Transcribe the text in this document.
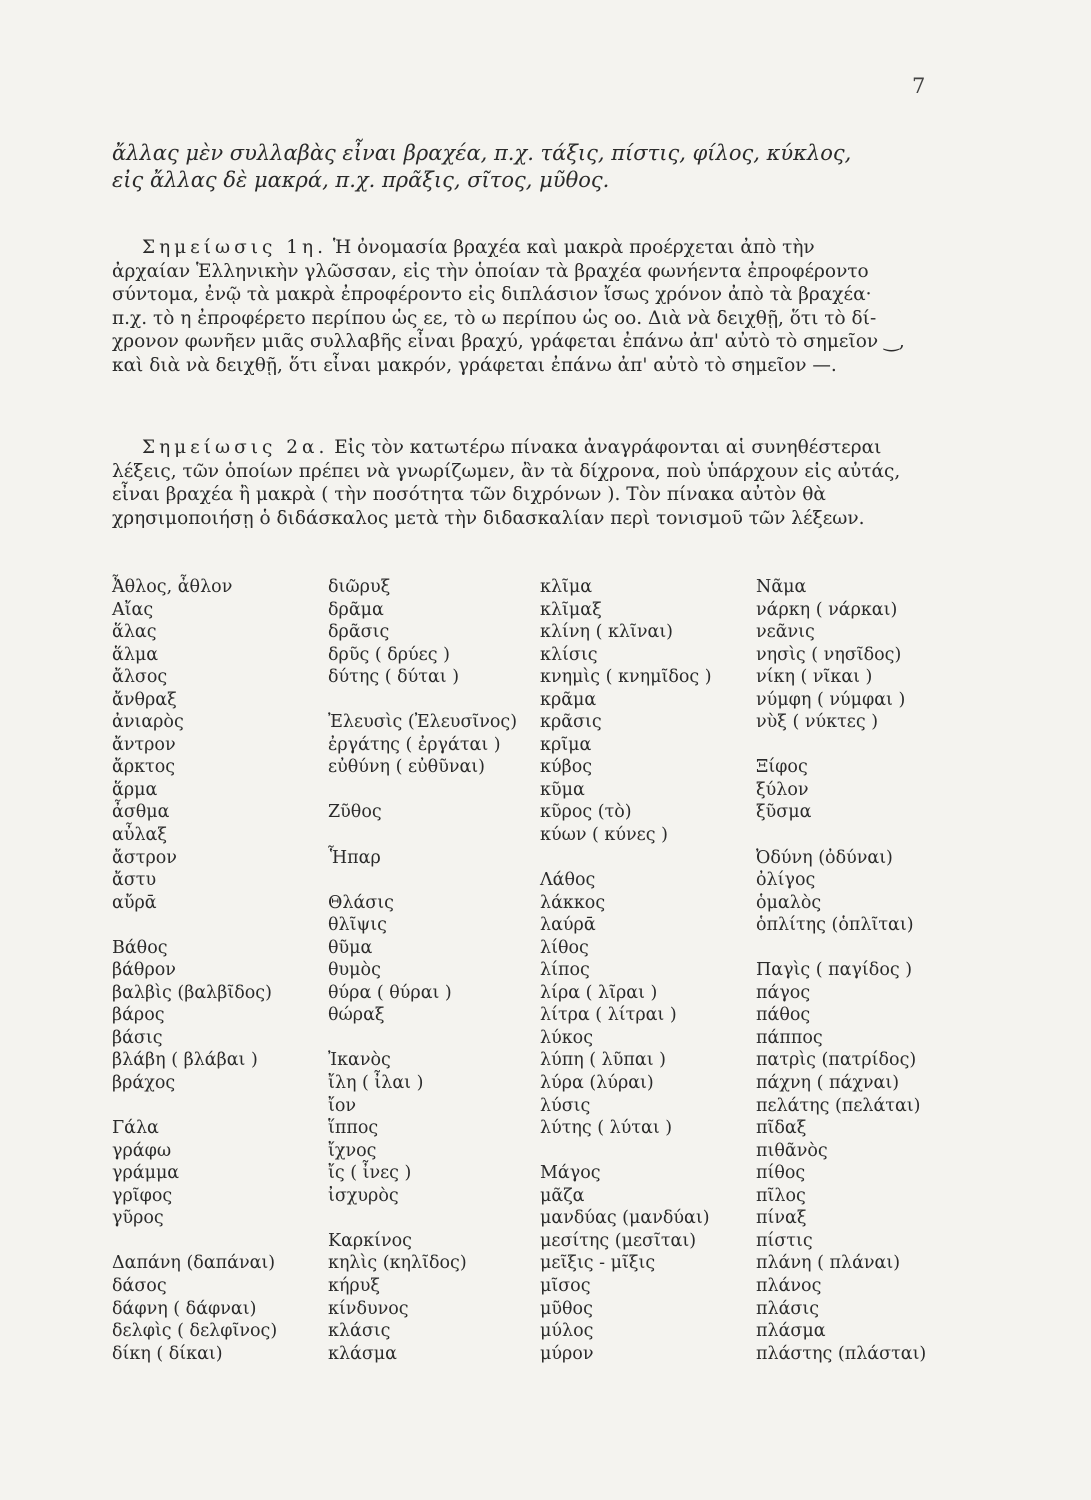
7
ἄλλας μὲν συλλαβὰς εἶναι βραχέα, π.χ. τάξις, πίστις, φίλος, κύκλος,
εἰς ἄλλας δὲ μακρά, π.χ. πρᾶξις, σῖτος, μῦθος.
Σημείωσις 1η. Ἡ ὀνομασία βραχέα καὶ μακρὰ προέρχεται ἀπὸ τὴν
ἀρχαίαν Ἑλληνικὴν γλῶσσαν, εἰς τὴν ὁποίαν τὰ βραχέα φωνήεντα ἐπροφέροντο
σύντομα, ἐνῷ τὰ μακρὰ ἐπροφέροντο εἰς διπλάσιον ἴσως χρόνον ἀπὸ τὰ βραχέα·
π.χ. τὸ η ἐπροφέρετο περίπου ὡς εε, τὸ ω περίπου ὡς οο. Διὰ νὰ δειχθῇ, ὅτι τὸ δί-
χρονον φωνῆεν μιᾶς συλλαβῆς εἶναι βραχύ, γράφεται ἐπάνω ἀπ' αὐτὸ τὸ σημεῖον ‿,
καὶ διὰ νὰ δειχθῇ, ὅτι εἶναι μακρόν, γράφεται ἐπάνω ἀπ' αὐτὸ τὸ σημεῖον —.
Σημείωσις 2α. Εἰς τὸν κατωτέρω πίνακα ἀναγράφονται αἱ συνηθέστεραι
λέξεις, τῶν ὁποίων πρέπει νὰ γνωρίζωμεν, ἂν τὰ δίχρονα, ποὺ ὑπάρχουν εἰς αὐτάς,
εἶναι βραχέα ἢ μακρὰ ( τὴν ποσότητα τῶν διχρόνων ). Τὸν πίνακα αὐτὸν θὰ
χρησιμοποιήσῃ ὁ διδάσκαλος μετὰ τὴν διδασκαλίαν περὶ τονισμοῦ τῶν λέξεων.
Ἆθλος, ἆθλον
Αἴας
ἅλας
ἅλμα
ἄλσος
ἄνθραξ
ἀνιαρὸς
ἄντρον
ἄρκτος
ἅρμα
ἆσθμα
αὖλαξ
ἄστρον
ἄστυ
αὔρᾱ
Βάθος
βάθρον
βαλβὶς (βαλβῖδος)
βάρος
βάσις
βλάβη ( βλάβαι )
βράχος
Γάλα
γράφω
γράμμα
γρῖφος
γῦρος
Δαπάνη (δαπάναι)
δάσος
δάφνη ( δάφναι)
δελφὶς ( δελφῖνος)
δίκη ( δίκαι)
διῶρυξ
δρᾶμα
δρᾶσις
δρῦς ( δρύες )
δύτης ( δύται )
Ἐλευσὶς (Ἐλευσῖνος)
ἐργάτης ( ἐργάται )
εὐθύνη ( εὐθῦναι)
Ζῦθος
Ἧπαρ
Θλάσις
θλῖψις
θῦμα
θυμὸς
θύρα ( θύραι )
θώραξ
Ἰκανὸς
ἴλη ( ἶλαι )
ἴον
ἵππος
ἴχνος
ἴς ( ἶνες )
ἰσχυρὸς
Καρκίνος
κηλὶς (κηλῖδος)
κήρυξ
κίνδυνος
κλάσις
κλάσμα
κλῖμα
κλῖμαξ
κλίνη ( κλῖναι)
κλίσις
κνημὶς ( κνημῖδος )
κρᾶμα
κρᾶσις
κρῖμα
κύβος
κῦμα
κῦρος (τὸ)
κύων ( κύνες )
Λάθος
λάκκος
λαύρᾱ
λίθος
λίπος
λίρα ( λῖραι )
λίτρα ( λίτραι )
λύκος
λύπη ( λῦπαι )
λύρα (λύραι)
λύσις
λύτης ( λύται )
Μάγος
μᾶζα
μανδύας (μανδύαι)
μεσίτης (μεσῖται)
μεῖξις - μῖξις
μῖσος
μῦθος
μύλος
μύρον
Νᾶμα
νάρκη ( νάρκαι)
νεᾶνις
νησὶς ( νησῖδος)
νίκη ( νῖκαι )
νύμφη ( νύμφαι )
νὺξ ( νύκτες )
Ξίφος
ξύλον
ξῦσμα
Ὀδύνη (ὀδύναι)
ὀλίγος
ὁμαλὸς
ὁπλίτης (ὁπλῖται)
Παγὶς ( παγίδος )
πάγος
πάθος
πάππος
πατρὶς (πατρίδος)
πάχνη ( πάχναι)
πελάτης (πελάται)
πῖδαξ
πιθᾶνὸς
πίθος
πῖλος
πίναξ
πίστις
πλάνη ( πλάναι)
πλάνος
πλάσις
πλάσμα
πλάστης (πλάσται)
